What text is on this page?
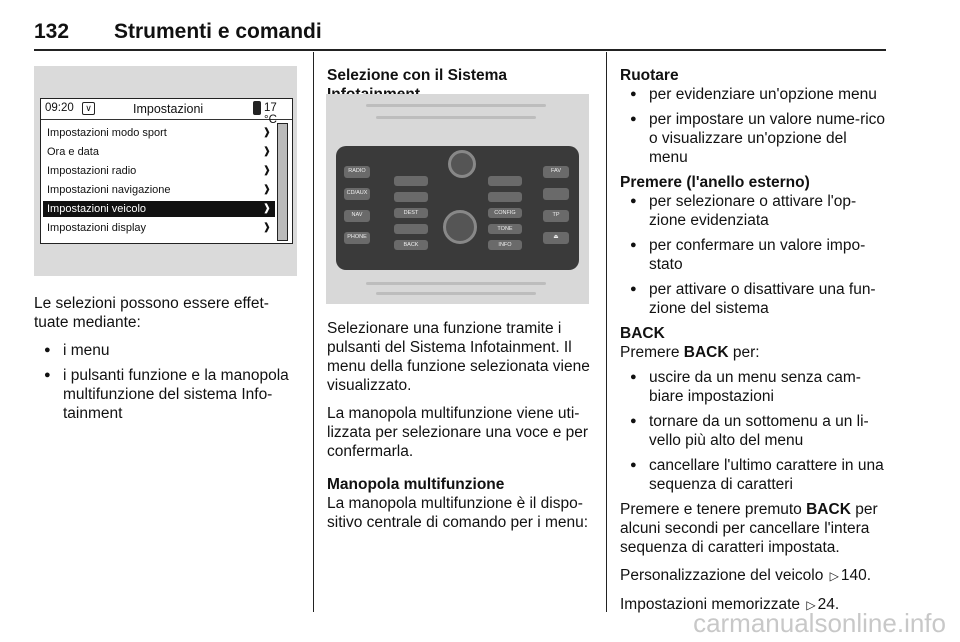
132 Strumenti e comandi
09:20	∨	Impostazioni	17 °C
Impostazioni modo sport	❱
Ora e data	❱
Impostazioni radio	❱
Impostazioni navigazione	❱
Impostazioni veicolo	❱
Impostazioni display	❱

Le selezioni possono essere effet-tuate mediante:

● i menu
● i pulsanti funzione e la manopola multifunzione del sistema Info-tainment

Selezione con il Sistema

RADIO
CD/AUX
NAV
PHONE
DEST
BACK
CONFIG
TONE
INFO
FAV
TP
⏏

Selezionare una funzione tramite i pulsanti del Sistema Infotainment. Il menu della funzione selezionata viene visualizzato.

La manopola multifunzione viene uti-lizzata per selezionare una voce e per confermarla.

Manopola multifunzione

La manopola multifunzione è il dispo-sitivo centrale di comando per i menu:

Ruotare

● per evidenziare un'opzione menu
● per impostare un valore nume-rico o visualizzare un'opzione del menu

Premere (l'anello esterno)

● per selezionare o attivare l'op-zione evidenziata
● per confermare un valore impo-stato
● per attivare o disattivare una fun-zione del sistema

BACK

Premere BACK per:

● uscire da un menu senza cam-biare impostazioni
● tornare da un sottomenu a un li-vello più alto del menu
● cancellare l'ultimo carattere in una sequenza di caratteri

Premere e tenere premuto BACK per alcuni secondi per cancellare l'intera sequenza di caratteri impostata.

Personalizzazione del veicolo ▷ 140.

Impostazioni memorizzate ▷ 24.

carmanualsonline.info
